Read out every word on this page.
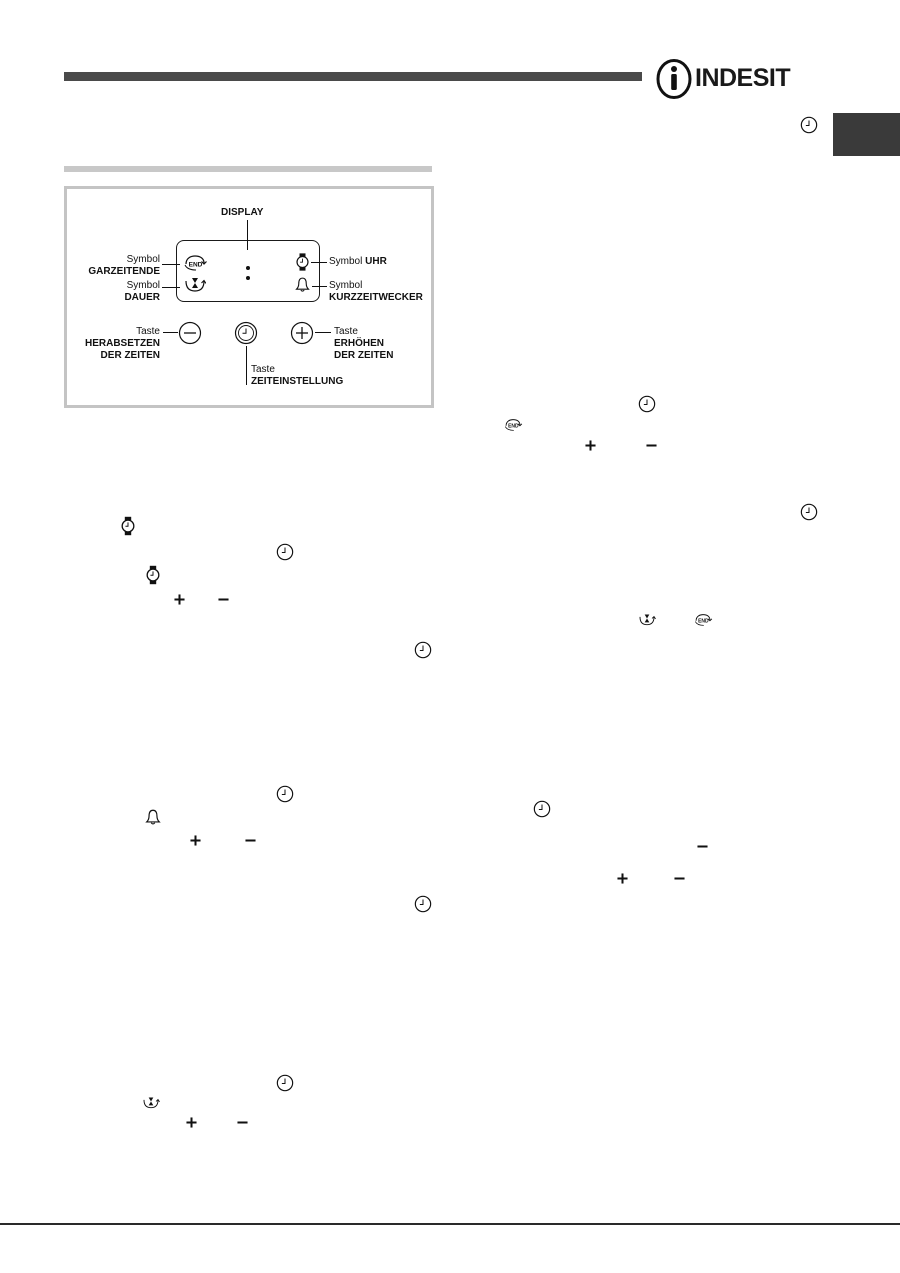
INDESIT
DISPLAY
Symbol
GARZEITENDE
Symbol
DAUER
Symbol UHR
Symbol
KURZZEITWECKER
Taste
HERABSETZEN
DER ZEITEN
Taste
ZEITEINSTELLUNG
Taste
ERHÖHEN
DER ZEITEN
